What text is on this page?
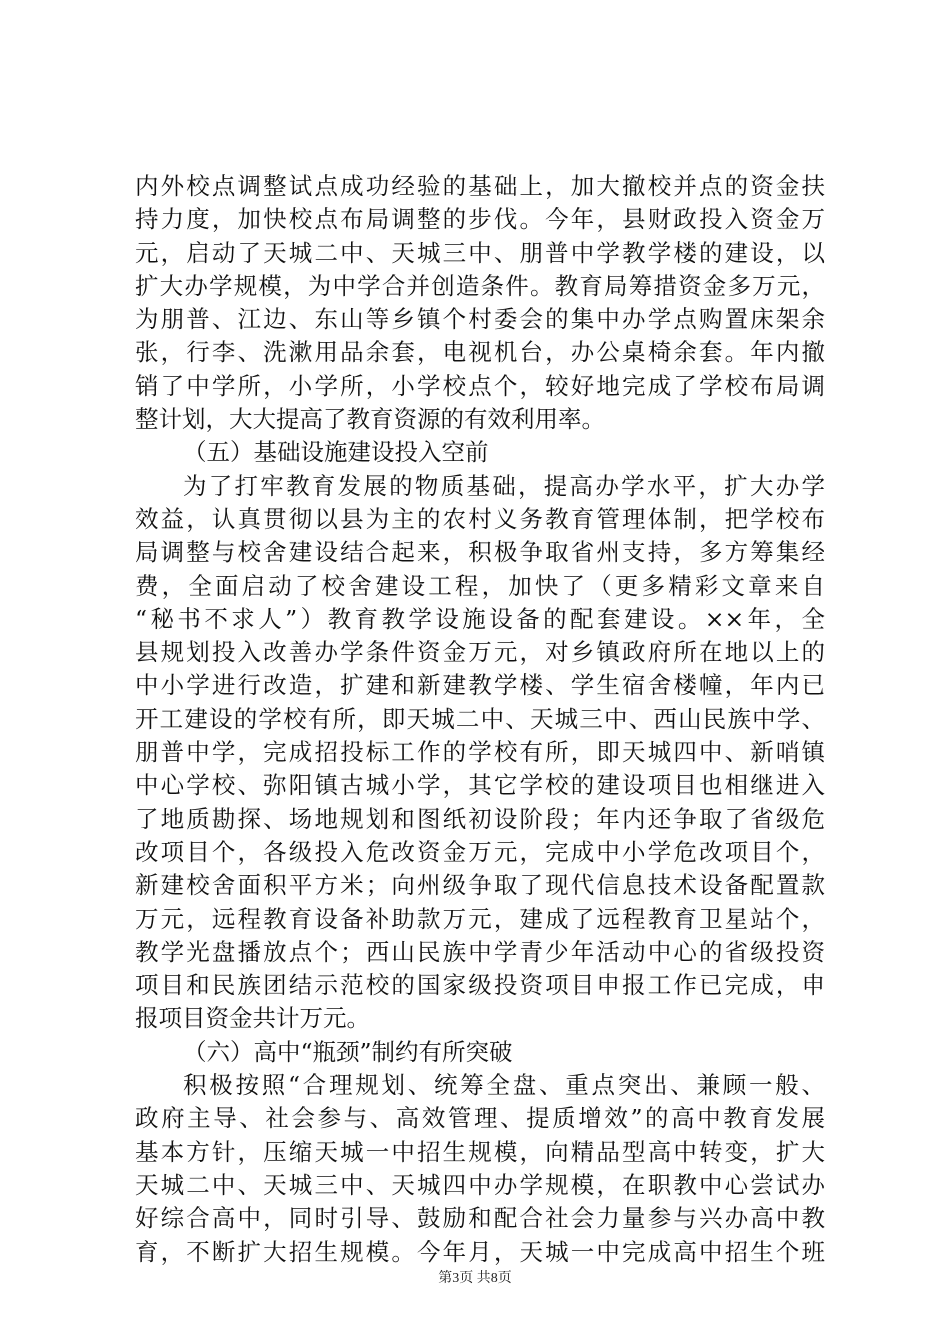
内外校点调整试点成功经验的基础上，加大撤校并点的资金扶
持力度，加快校点布局调整的步伐。今年，县财政投入资金万
元，启动了天城二中、天城三中、朋普中学教学楼的建设，以
扩大办学规模，为中学合并创造条件。教育局筹措资金多万元，
为朋普、江边、东山等乡镇个村委会的集中办学点购置床架余
张，行李、洗漱用品余套，电视机台，办公桌椅余套。年内撤
销了中学所，小学所，小学校点个，较好地完成了学校布局调
整计划，大大提高了教育资源的有效利用率。
（五）基础设施建设投入空前
为了打牢教育发展的物质基础，提高办学水平，扩大办学
效益，认真贯彻以县为主的农村义务教育管理体制，把学校布
局调整与校舍建设结合起来，积极争取省州支持，多方筹集经
费，全面启动了校舍建设工程，加快了（更多精彩文章来自
“秘书不求人”）教育教学设施设备的配套建设。××年，全
县规划投入改善办学条件资金万元，对乡镇政府所在地以上的
中小学进行改造，扩建和新建教学楼、学生宿舍楼幢，年内已
开工建设的学校有所，即天城二中、天城三中、西山民族中学、
朋普中学，完成招投标工作的学校有所，即天城四中、新哨镇
中心学校、弥阳镇古城小学，其它学校的建设项目也相继进入
了地质勘探、场地规划和图纸初设阶段；年内还争取了省级危
改项目个，各级投入危改资金万元，完成中小学危改项目个，
新建校舍面积平方米；向州级争取了现代信息技术设备配置款
万元，远程教育设备补助款万元，建成了远程教育卫星站个，
教学光盘播放点个；西山民族中学青少年活动中心的省级投资
项目和民族团结示范校的国家级投资项目申报工作已完成，申
报项目资金共计万元。
（六）高中“瓶颈”制约有所突破
积极按照“合理规划、统筹全盘、重点突出、兼顾一般、
政府主导、社会参与、高效管理、提质增效”的高中教育发展
基本方针，压缩天城一中招生规模，向精品型高中转变，扩大
天城二中、天城三中、天城四中办学规模，在职教中心尝试办
好综合高中，同时引导、鼓励和配合社会力量参与兴办高中教
育，不断扩大招生规模。今年月，天城一中完成高中招生个班
第3页 共8页
